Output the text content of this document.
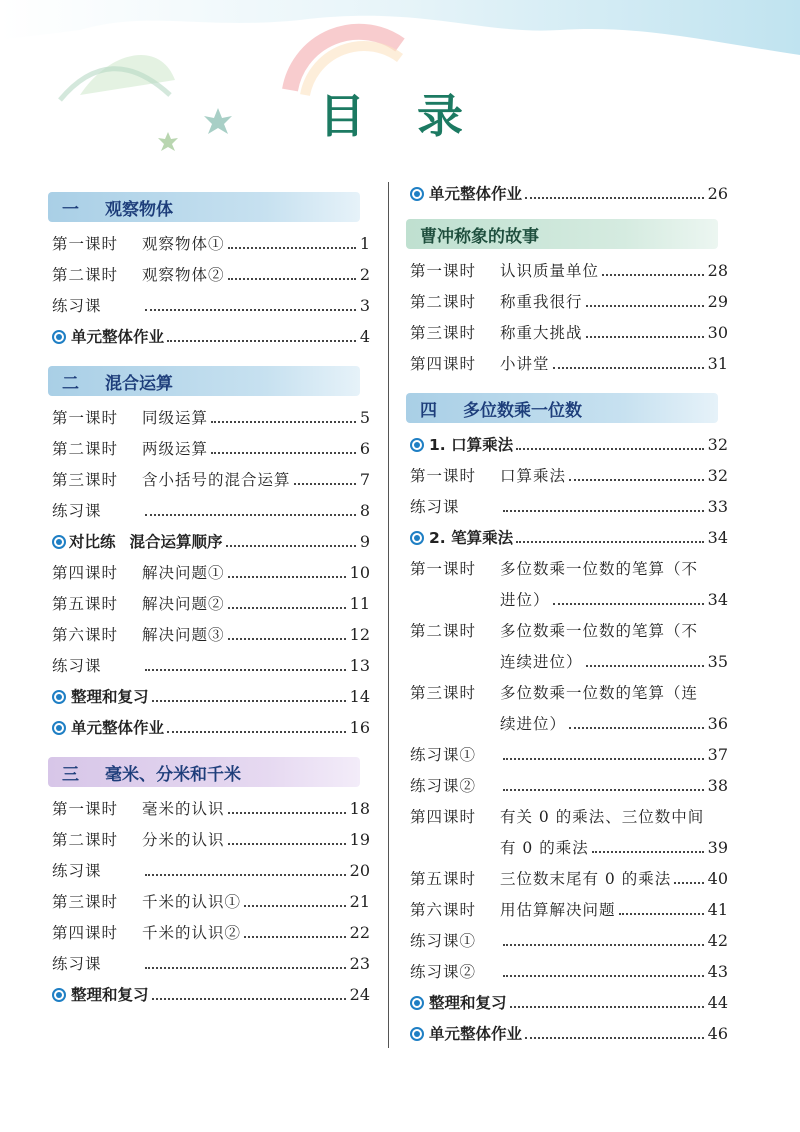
目 录
一 观察物体
第一课时	观察物体①	1
第二课时	观察物体②	2
练习课	3
单元整体作业	4
二 混合运算
第一课时	同级运算	5
第二课时	两级运算	6
第三课时	含小括号的混合运算	7
练习课	8
对比练 混合运算顺序	9
第四课时	解决问题①	10
第五课时	解决问题②	11
第六课时	解决问题③	12
练习课	13
整理和复习	14
单元整体作业	16
三 毫米、分米和千米
第一课时	毫米的认识	18
第二课时	分米的认识	19
练习课	20
第三课时	千米的认识①	21
第四课时	千米的认识②	22
练习课	23
整理和复习	24
单元整体作业	26
曹冲称象的故事
第一课时	认识质量单位	28
第二课时	称重我很行	29
第三课时	称重大挑战	30
第四课时	小讲堂	31
四 多位数乘一位数
1. 口算乘法	32
第一课时	口算乘法	32
练习课	33
2. 笔算乘法	34
第一课时	多位数乘一位数的笔算（不
进位）	34
第二课时	多位数乘一位数的笔算（不
连续进位）	35
第三课时	多位数乘一位数的笔算（连
续进位）	36
练习课①	37
练习课②	38
第四课时	有关 0 的乘法、三位数中间
有 0 的乘法	39
第五课时	三位数末尾有 0 的乘法 40
第六课时	用估算解决问题	41
练习课①	42
练习课②	43
整理和复习	44
单元整体作业	46
